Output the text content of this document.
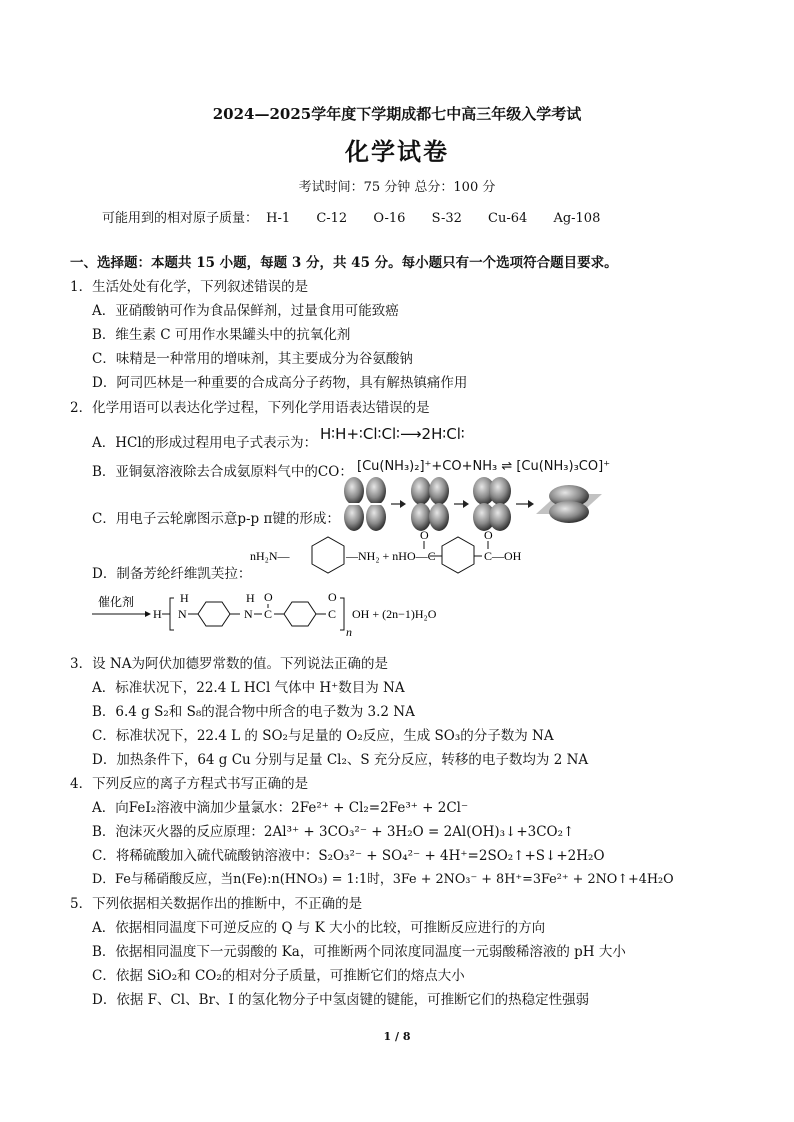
2024—2025学年度下学期成都七中高三年级入学考试
化学试卷
考试时间：75 分钟 总分：100 分
可能用到的相对原子质量： H-1 C-12 O-16 S-32 Cu-64 Ag-108
一、选择题：本题共 15 小题，每题 3 分，共 45 分。每小题只有一个选项符合题目要求。
1．生活处处有化学，下列叙述错误的是
A．亚硝酸钠可作为食品保鲜剂，过量食用可能致癌
B．维生素 C 可用作水果罐头中的抗氧化剂
C．味精是一种常用的增味剂，其主要成分为谷氨酸钠
D．阿司匹林是一种重要的合成高分子药物，具有解热镇痛作用
2．化学用语可以表达化学过程，下列化学用语表达错误的是
A．HCl的形成过程用电子式表示为： H∶H+∶Cl∶Cl∶⟶2H∶Cl∶
B．亚铜氨溶液除去合成氨原料气中的CO： [Cu(NH₃)₂]⁺+CO+NH₃ ⇌ [Cu(NH₃)₃CO]⁺
C．用电子云轮廓图示意p-p π键的形成：
D．制备芳纶纤维凯芙拉：
nH₂N—	—NH₂ + nHO—C
O	O
C—OH
催化剂
H
H
N
H
N C
O
C
O
n
OH + (2n−1)H₂O
3．设 NA为阿伏加德罗常数的值。下列说法正确的是
A．标准状况下，22.4 L HCl 气体中 H⁺数目为 NA
B．6.4 g S₂和 S₈的混合物中所含的电子数为 3.2 NA
C．标准状况下，22.4 L 的 SO₂与足量的 O₂反应，生成 SO₃的分子数为 NA
D．加热条件下，64 g Cu 分别与足量 Cl₂、S 充分反应，转移的电子数均为 2 NA
4．下列反应的离子方程式书写正确的是
A．向FeI₂溶液中滴加少量氯水：2Fe²⁺ + Cl₂=2Fe³⁺ + 2Cl⁻
B．泡沫灭火器的反应原理：2Al³⁺ + 3CO₃²⁻ + 3H₂O = 2Al(OH)₃↓+3CO₂↑
C．将稀硫酸加入硫代硫酸钠溶液中：S₂O₃²⁻ + SO₄²⁻ + 4H⁺=2SO₂↑+S↓+2H₂O
D．Fe与稀硝酸反应，当n(Fe):n(HNO₃) = 1:1时，3Fe + 2NO₃⁻ + 8H⁺=3Fe²⁺ + 2NO↑+4H₂O
5．下列依据相关数据作出的推断中，不正确的是
A．依据相同温度下可逆反应的 Q 与 K 大小的比较，可推断反应进行的方向
B．依据相同温度下一元弱酸的 Ka，可推断两个同浓度同温度一元弱酸稀溶液的 pH 大小
C．依据 SiO₂和 CO₂的相对分子质量，可推断它们的熔点大小
D．依据 F、Cl、Br、I 的氢化物分子中氢卤键的键能，可推断它们的热稳定性强弱
1 / 8
